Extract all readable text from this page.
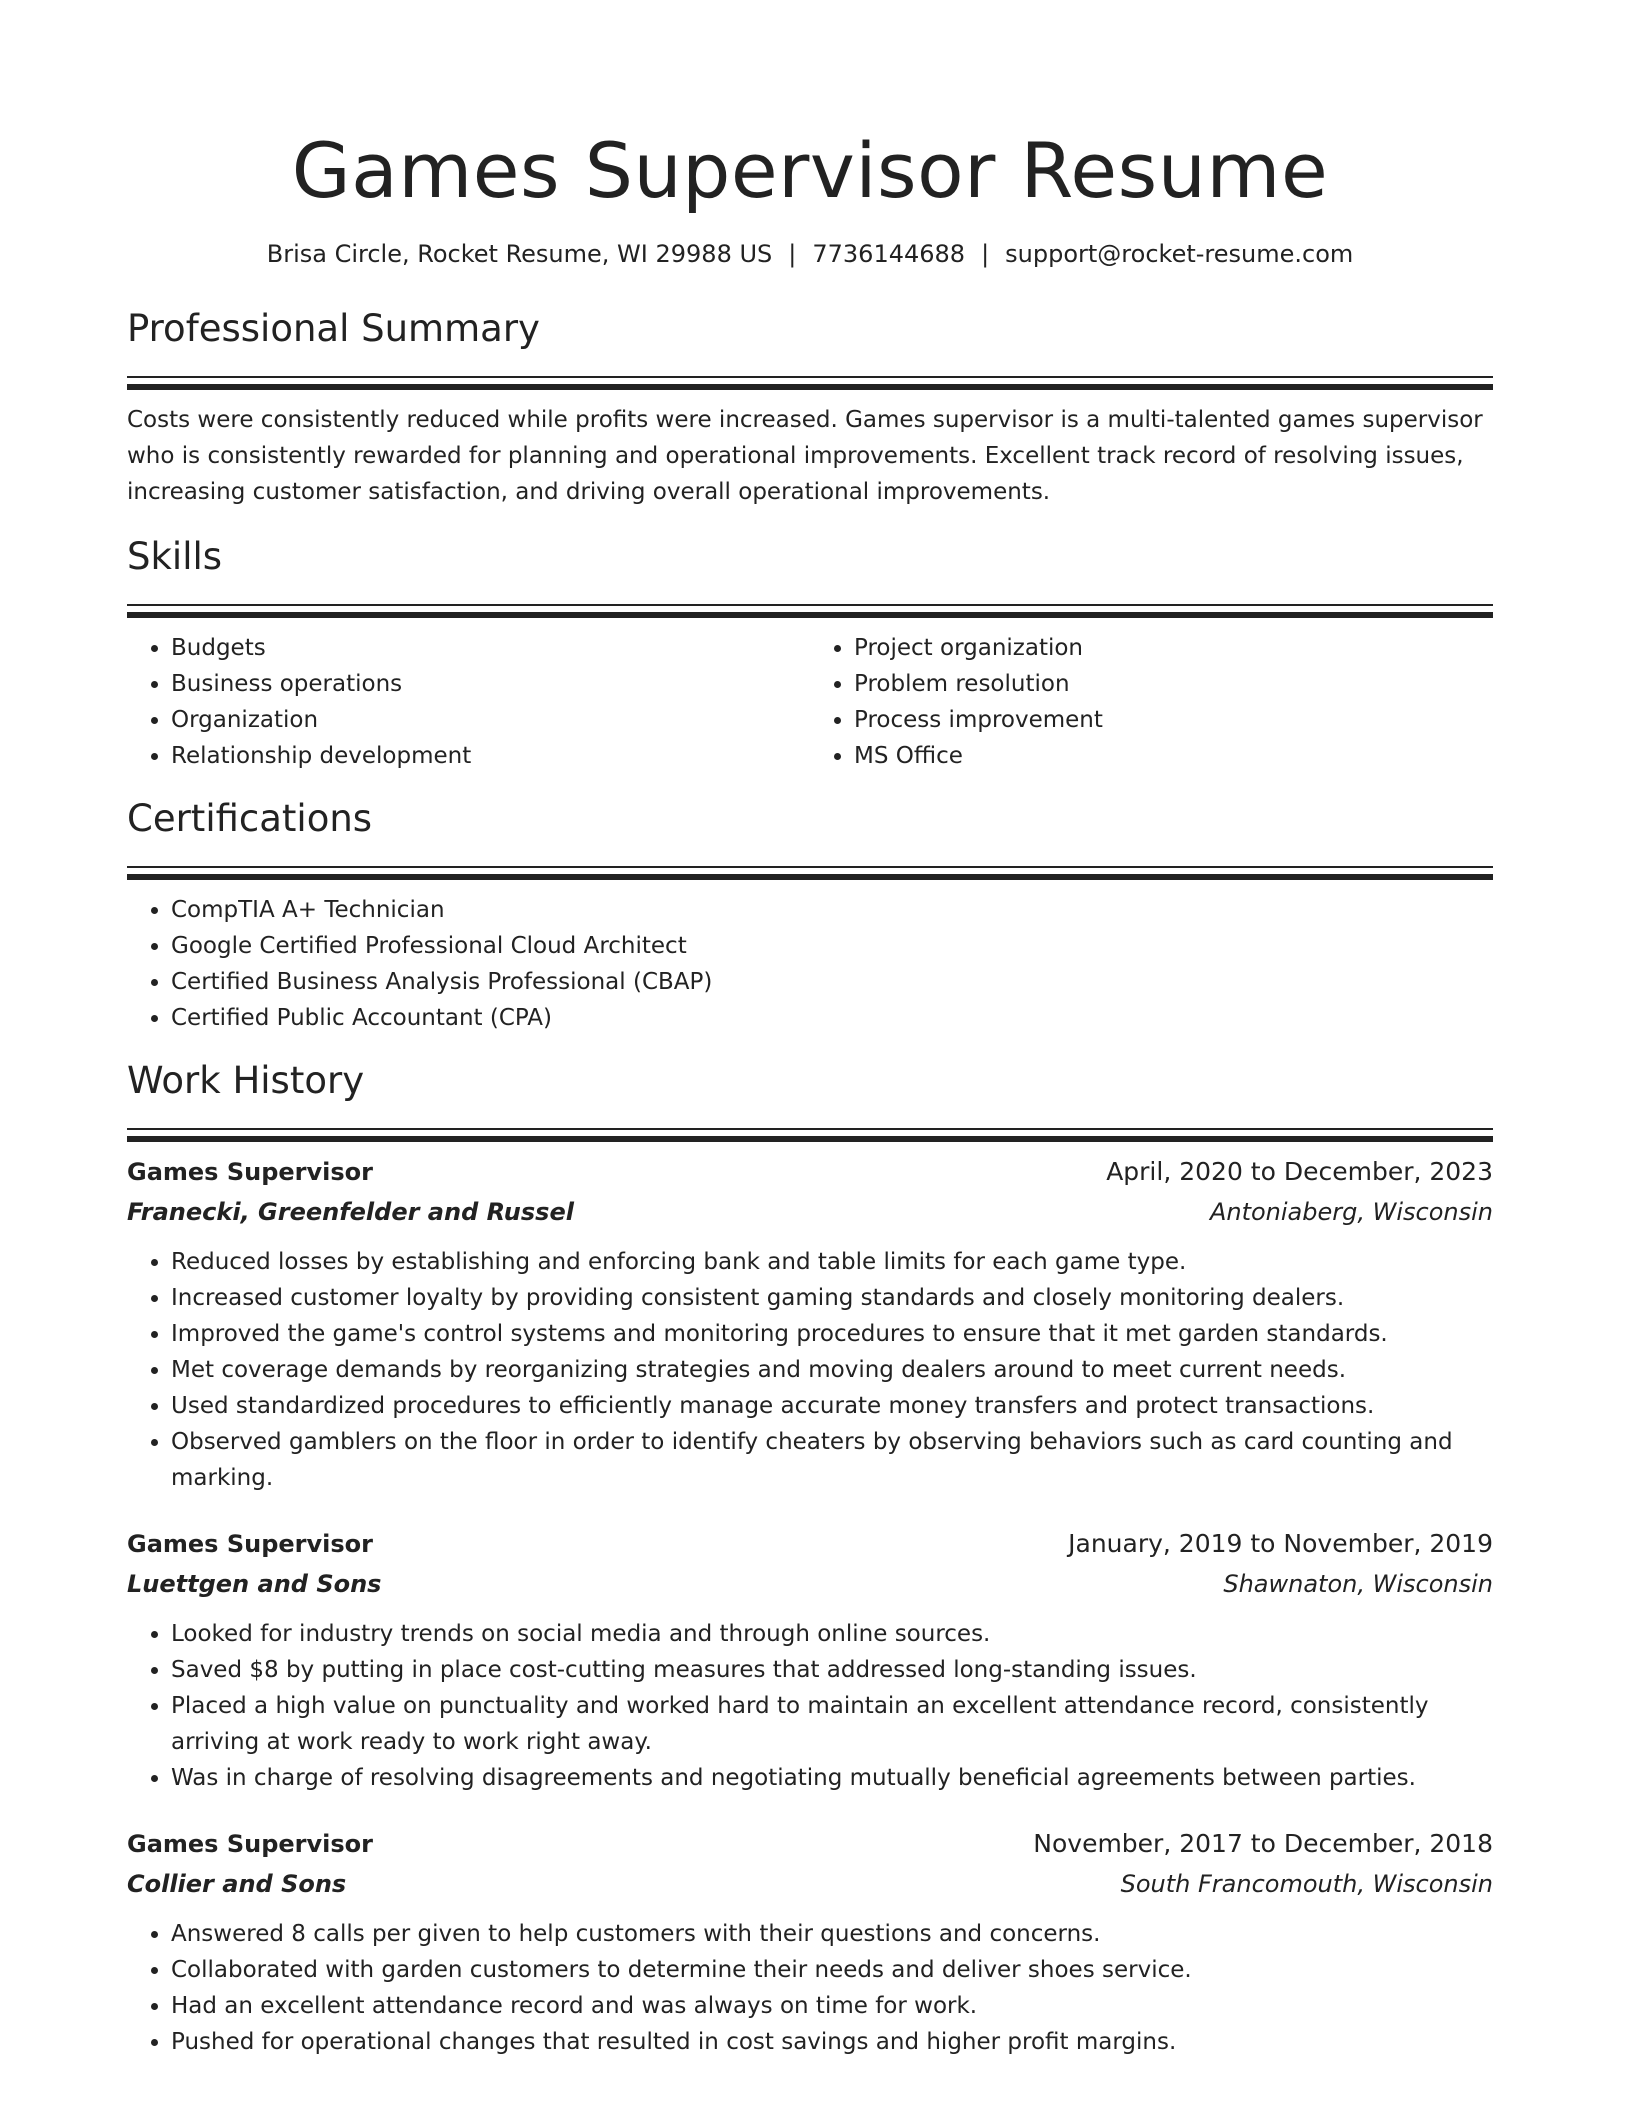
Games Supervisor Resume
Brisa Circle, Rocket Resume, WI 29988 US | 7736144688 | support@rocket-resume.com
Professional Summary

Costs were consistently reduced while profits were increased. Games supervisor is a multi-talented games supervisor who is consistently rewarded for planning and operational improvements. Excellent track record of resolving issues, increasing customer satisfaction, and driving overall operational improvements.

Skills
• Budgets
• Business operations
• Organization
• Relationship development
• Project organization
• Problem resolution
• Process improvement
• MS Office
Certifications
• CompTIA A+ Technician
• Google Certified Professional Cloud Architect
• Certified Business Analysis Professional (CBAP)
• Certified Public Accountant (CPA)
Work History
Games Supervisor	April, 2020 to December, 2023
Franecki, Greenfelder and Russel	Antoniaberg, Wisconsin
• Reduced losses by establishing and enforcing bank and table limits for each game type.
• Increased customer loyalty by providing consistent gaming standards and closely monitoring dealers.
• Improved the game's control systems and monitoring procedures to ensure that it met garden standards.
• Met coverage demands by reorganizing strategies and moving dealers around to meet current needs.
• Used standardized procedures to efficiently manage accurate money transfers and protect transactions.
• Observed gamblers on the floor in order to identify cheaters by observing behaviors such as card counting and marking.
Games Supervisor	January, 2019 to November, 2019
Luettgen and Sons	Shawnaton, Wisconsin
• Looked for industry trends on social media and through online sources.
• Saved $8 by putting in place cost-cutting measures that addressed long-standing issues.
• Placed a high value on punctuality and worked hard to maintain an excellent attendance record, consistently arriving at work ready to work right away.
• Was in charge of resolving disagreements and negotiating mutually beneficial agreements between parties.
Games Supervisor	November, 2017 to December, 2018
Collier and Sons	South Francomouth, Wisconsin
• Answered 8 calls per given to help customers with their questions and concerns.
• Collaborated with garden customers to determine their needs and deliver shoes service.
• Had an excellent attendance record and was always on time for work.
• Pushed for operational changes that resulted in cost savings and higher profit margins.
